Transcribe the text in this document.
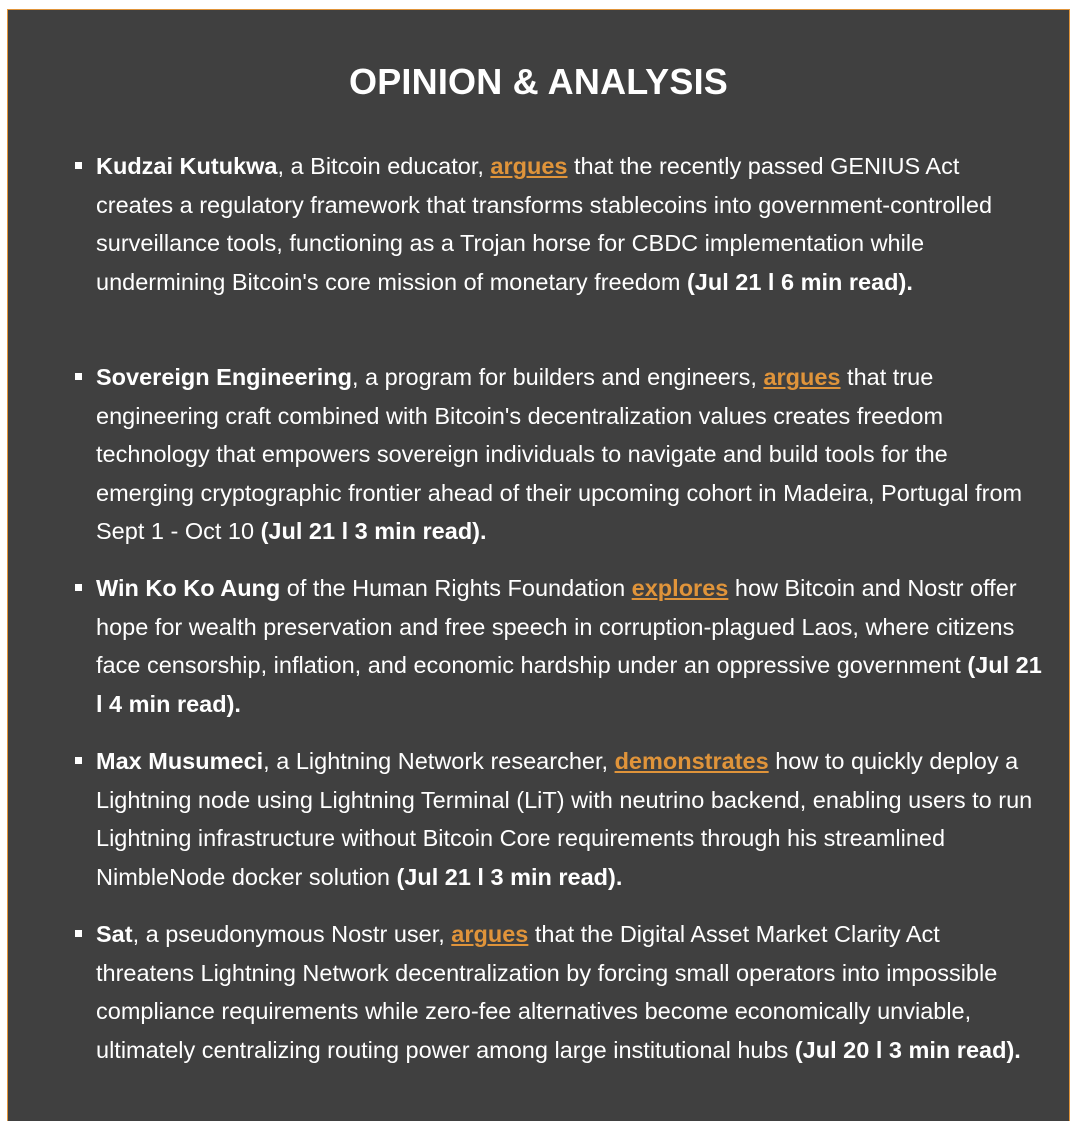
OPINION & ANALYSIS
Kudzai Kutukwa, a Bitcoin educator, argues that the recently passed GENIUS Act creates a regulatory framework that transforms stablecoins into government-controlled surveillance tools, functioning as a Trojan horse for CBDC implementation while undermining Bitcoin's core mission of monetary freedom (Jul 21 l 6 min read).
Sovereign Engineering, a program for builders and engineers, argues that true engineering craft combined with Bitcoin's decentralization values creates freedom technology that empowers sovereign individuals to navigate and build tools for the emerging cryptographic frontier ahead of their upcoming cohort in Madeira, Portugal from Sept 1 - Oct 10 (Jul 21 l 3 min read).
Win Ko Ko Aung of the Human Rights Foundation explores how Bitcoin and Nostr offer hope for wealth preservation and free speech in corruption-plagued Laos, where citizens face censorship, inflation, and economic hardship under an oppressive government (Jul 21 l 4 min read).
Max Musumeci, a Lightning Network researcher, demonstrates how to quickly deploy a Lightning node using Lightning Terminal (LiT) with neutrino backend, enabling users to run Lightning infrastructure without Bitcoin Core requirements through his streamlined NimbleNode docker solution (Jul 21 l 3 min read).
Sat, a pseudonymous Nostr user, argues that the Digital Asset Market Clarity Act threatens Lightning Network decentralization by forcing small operators into impossible compliance requirements while zero-fee alternatives become economically unviable, ultimately centralizing routing power among large institutional hubs (Jul 20 l 3 min read).
